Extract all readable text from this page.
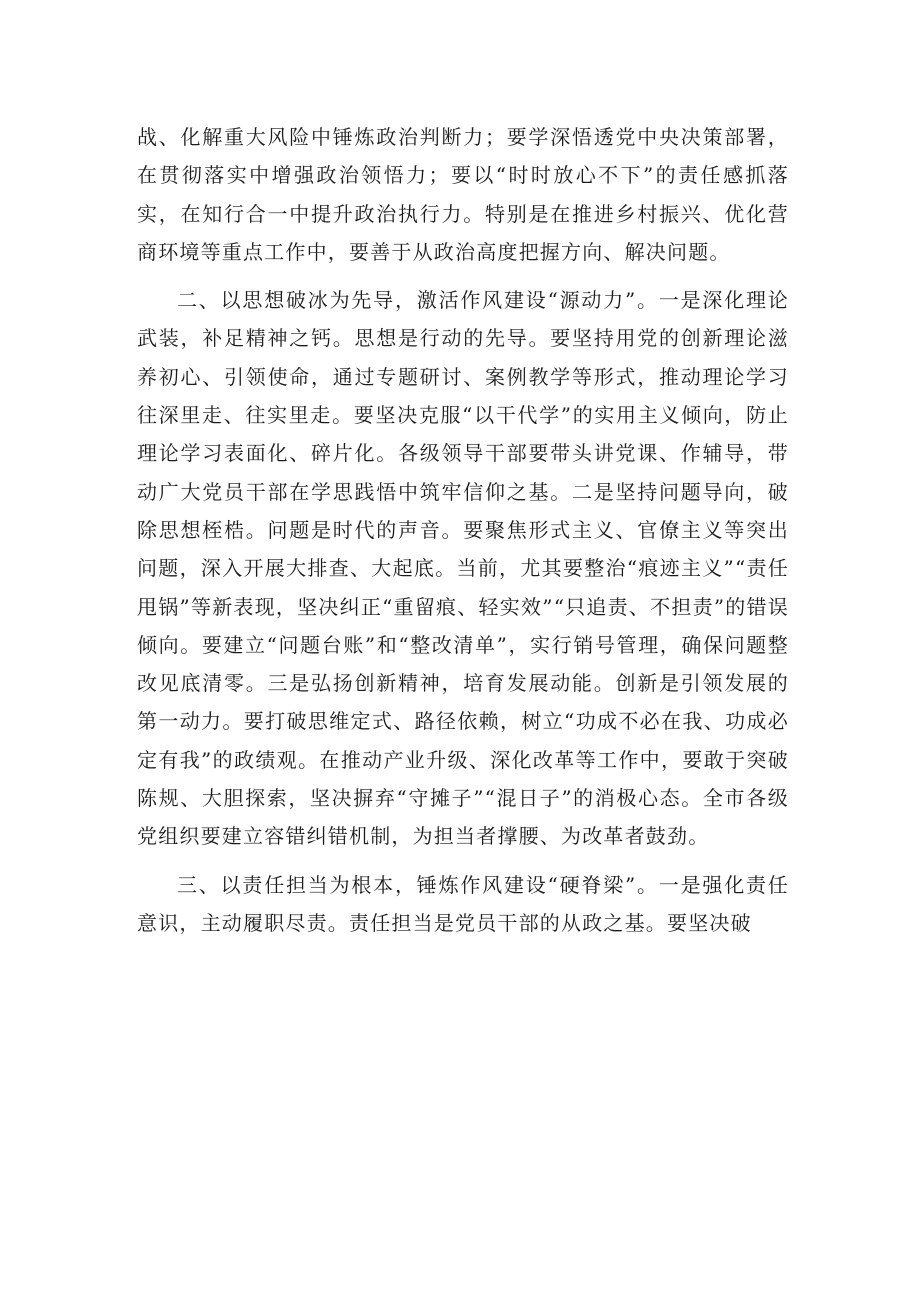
战、化解重大风险中锤炼政治判断力；要学深悟透党中央决策部署，在贯彻落实中增强政治领悟力；要以“时时放心不下”的责任感抓落实，在知行合一中提升政治执行力。特别是在推进乡村振兴、优化营商环境等重点工作中，要善于从政治高度把握方向、解决问题。

二、以思想破冰为先导，激活作风建设“源动力”。一是深化理论武装，补足精神之钙。思想是行动的先导。要坚持用党的创新理论滋养初心、引领使命，通过专题研讨、案例教学等形式，推动理论学习往深里走、往实里走。要坚决克服“以干代学”的实用主义倾向，防止理论学习表面化、碎片化。各级领导干部要带头讲党课、作辅导，带动广大党员干部在学思践悟中筑牢信仰之基。二是坚持问题导向，破除思想桎梏。问题是时代的声音。要聚焦形式主义、官僚主义等突出问题，深入开展大排查、大起底。当前，尤其要整治“痕迹主义”“责任甩锅”等新表现，坚决纠正“重留痕、轻实效”“只追责、不担责”的错误倾向。要建立“问题台账”和“整改清单”，实行销号管理，确保问题整改见底清零。三是弘扬创新精神，培育发展动能。创新是引领发展的第一动力。要打破思维定式、路径依赖，树立“功成不必在我、功成必定有我”的政绩观。在推动产业升级、深化改革等工作中，要敢于突破陈规、大胆探索，坚决摒弃“守摊子”“混日子”的消极心态。全市各级党组织要建立容错纠错机制，为担当者撑腰、为改革者鼓劲。

三、以责任担当为根本，锤炼作风建设“硬脊梁”。一是强化责任意识，主动履职尽责。责任担当是党员干部的从政之基。要坚决破
